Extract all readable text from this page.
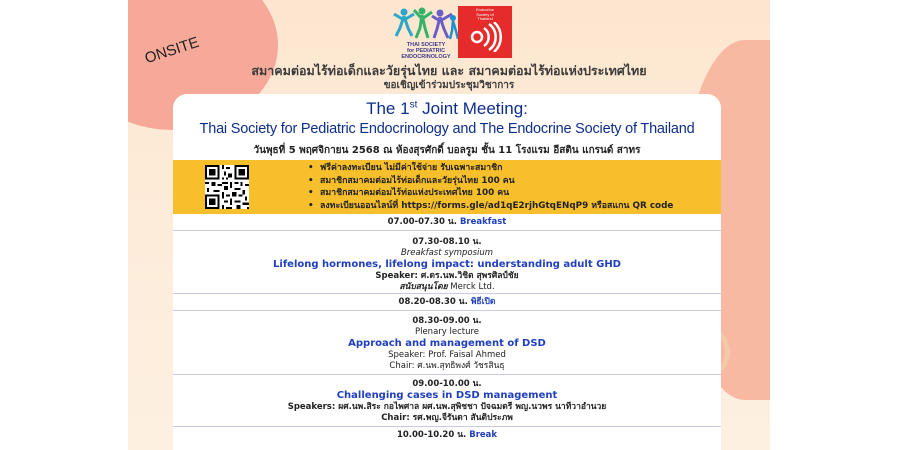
ONSITE	THAI SOCIETY
for PEDIATRIC
ENDOCRINOLOGY
Endocrine
Society of
Thailand
สมาคมต่อมไร้ท่อเด็กและวัยรุ่นไทย และ สมาคมต่อมไร้ท่อแห่งประเทศไทย
ขอเชิญเข้าร่วมประชุมวิชาการ
The 1st Joint Meeting:
Thai Society for Pediatric Endocrinology and The Endocrine Society of Thailand
วันพุธที่ 5 พฤศจิกายน 2568 ณ ห้องสุรศักดิ์ บอลรูม ชั้น 11 โรงแรม อีสติน แกรนด์ สาทร
• ฟรีค่าลงทะเบียน ไม่มีค่าใช้จ่าย รับเฉพาะสมาชิก
• สมาชิกสมาคมต่อมไร้ท่อเด็กและวัยรุ่นไทย 100 คน
• สมาชิกสมาคมต่อมไร้ท่อแห่งประเทศไทย 100 คน
• ลงทะเบียนออนไลน์ที่ https://forms.gle/ad1qE2rjhGtqENqP9 หรือสแกน QR code
07.00-07.30 น. Breakfast
07.30-08.10 น.
Breakfast symposium
Lifelong hormones, lifelong impact: understanding adult GHD
Speaker: ศ.ดร.นพ.วิชิต สุพรศิลป์ชัย
สนับสนุนโดย Merck Ltd.
08.20-08.30 น. พิธีเปิด
08.30-09.00 น.
Plenary lecture
Approach and management of DSD
Speaker: Prof. Faisal Ahmed
Chair: ศ.นพ.สุทธิพงศ์ วัชรสินธุ
09.00-10.00 น.
Challenging cases in DSD management
Speakers: ผศ.นพ.สิระ กอไพศาล ผศ.นพ.สุพิชชา ปัจฉมดรี พญ.นวพร นาทีวาอำนวย
Chair: รศ.พญ.จีรันดา สันติประภพ
10.00-10.20 น. Break
